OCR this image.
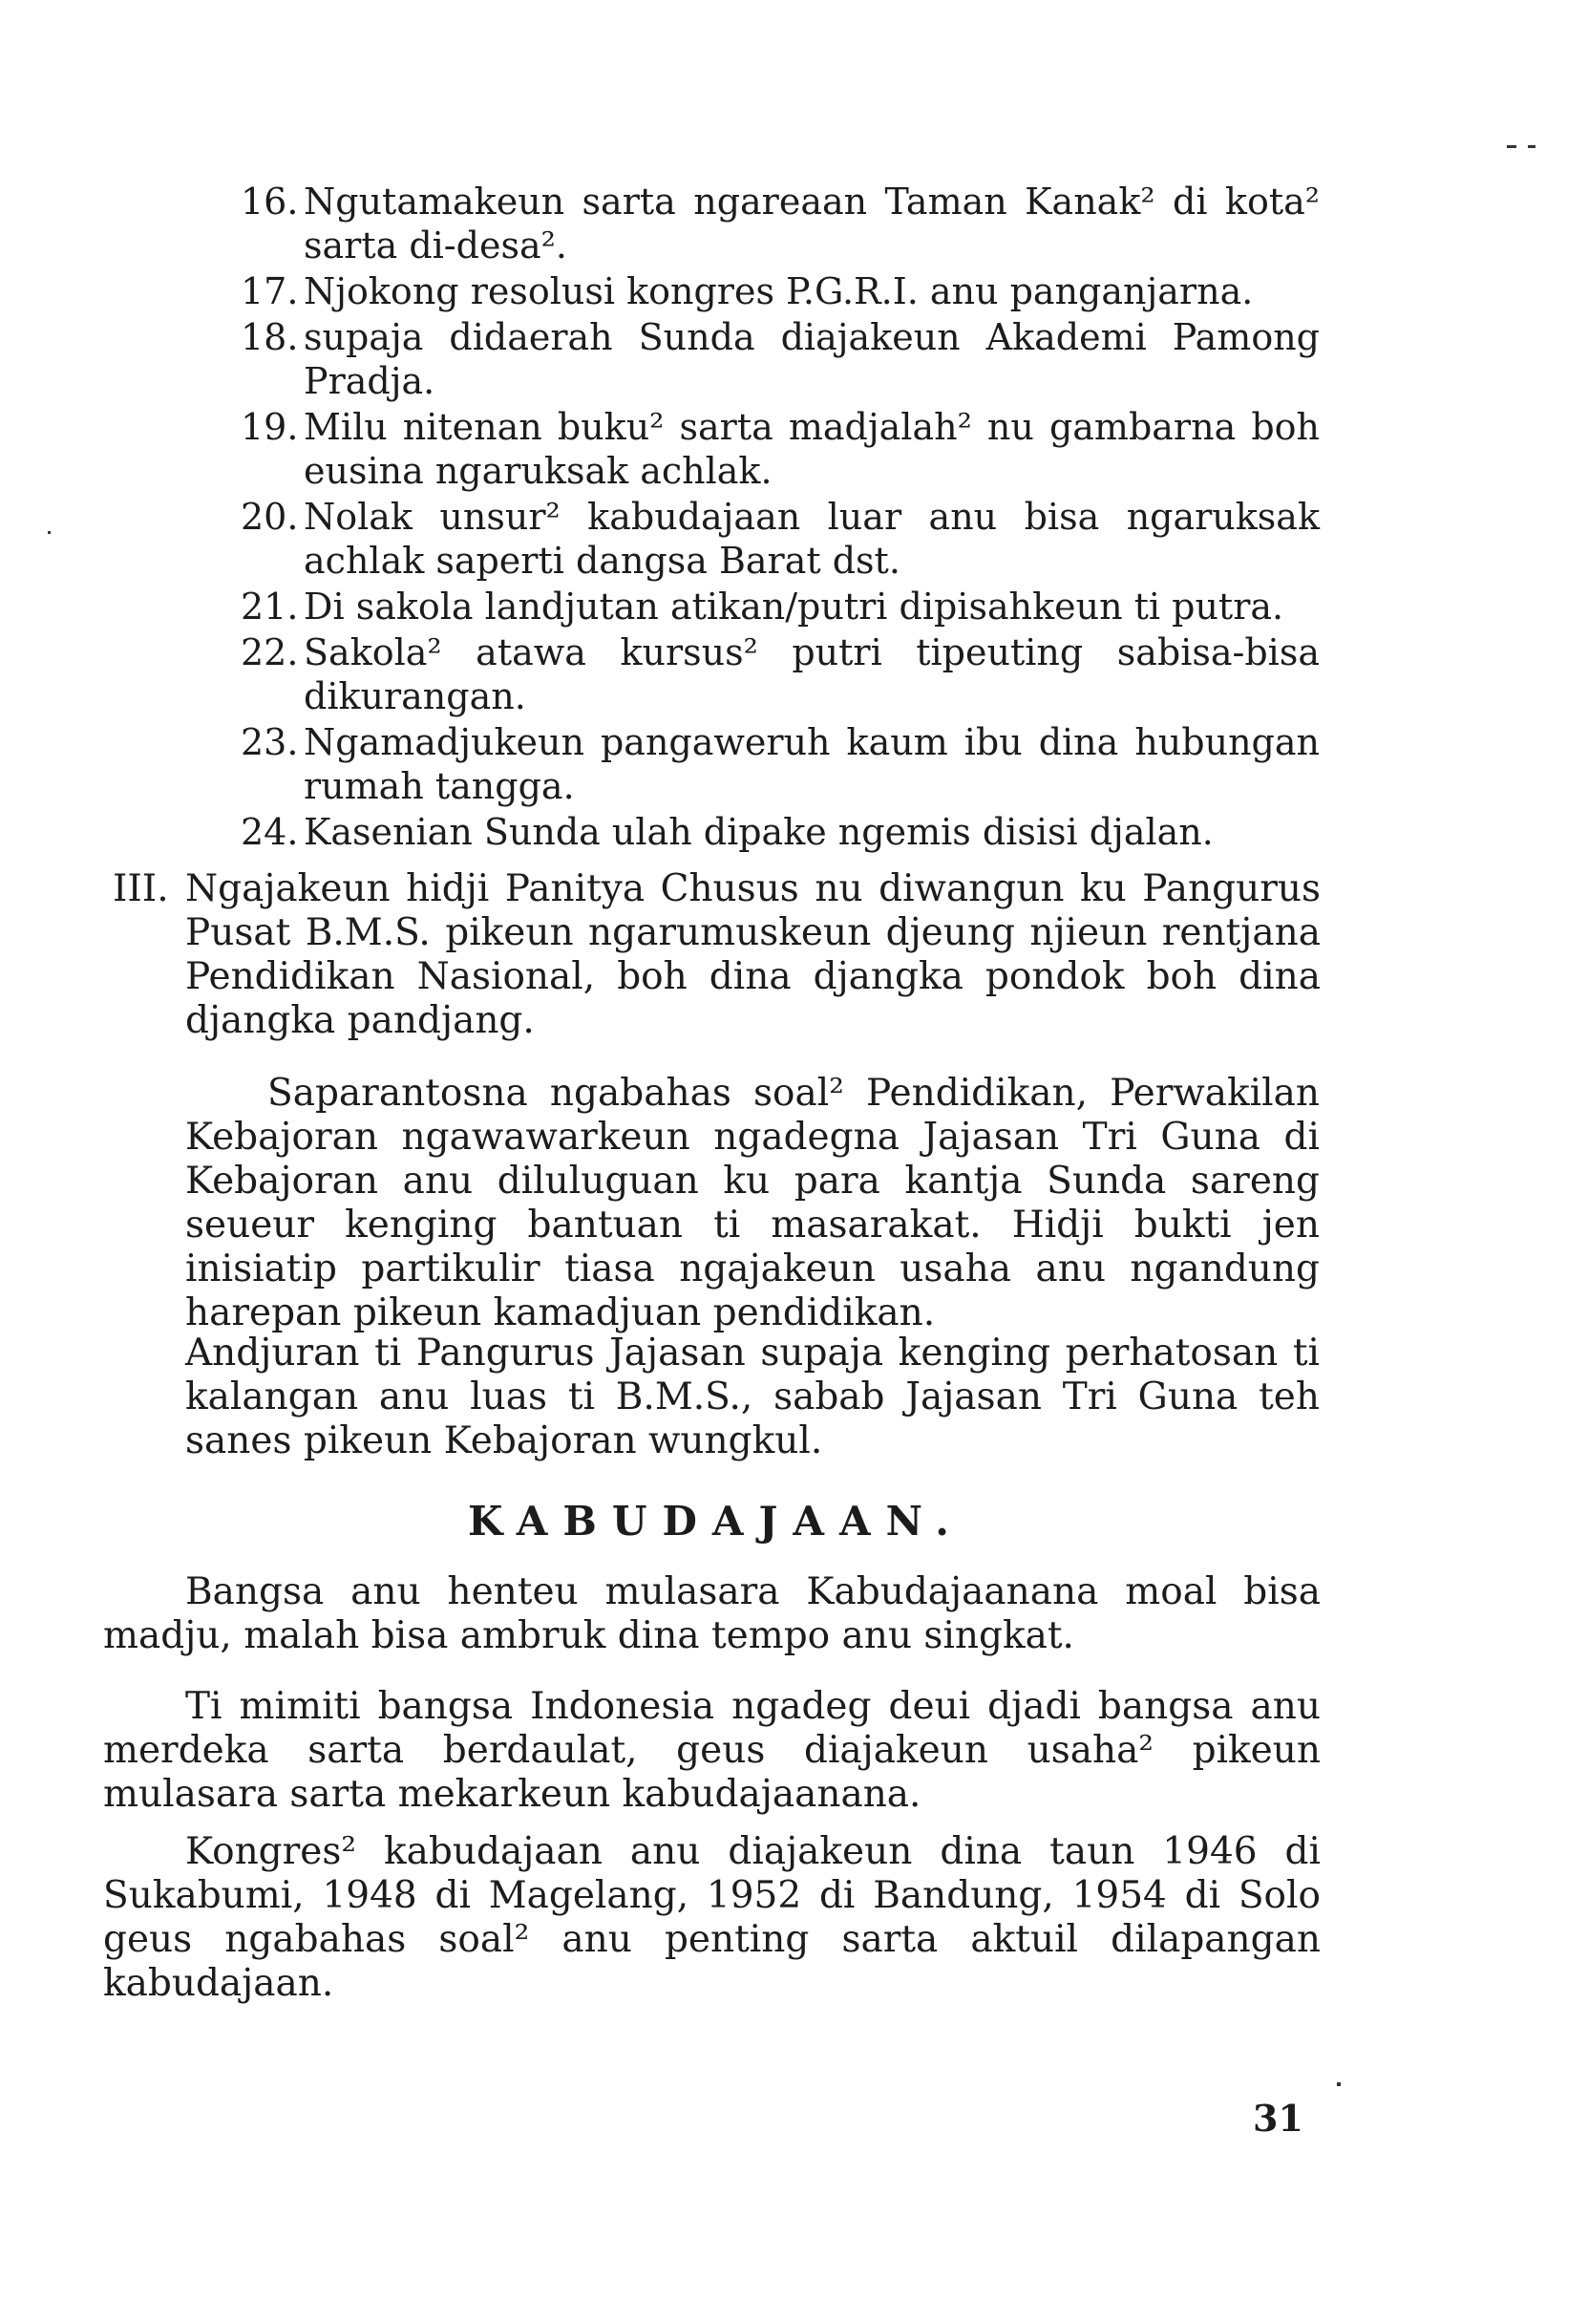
16. Ngutamakeun sarta ngareaan Taman Kanak² di kota² sarta di-desa².
17. Njokong resolusi kongres P.G.R.I. anu panganjarna.
18. supaja didaerah Sunda diajakeun Akademi Pamong Pradja.
19. Milu nitenan buku² sarta madjalah² nu gambarna boh eusina ngaruksak achlak.
20. Nolak unsur² kabudajaan luar anu bisa ngaruksak achlak saperti dangsa Barat dst.
21. Di sakola landjutan atikan/putri dipisahkeun ti putra.
22. Sakola² atawa kursus² putri tipeuting sabisa-bisa dikurangan.
23. Ngamadjukeun pangaweruh kaum ibu dina hubungan rumah tangga.
24. Kasenian Sunda ulah dipake ngemis disisi djalan.
III. Ngajakeun hidji Panitya Chusus nu diwangun ku Pangurus Pusat B.M.S. pikeun ngarumuskeun djeung njieun rentjana Pendidikan Nasional, boh dina djangka pondok boh dina djangka pandjang.

Saparantosna ngabahas soal² Pendidikan, Perwakilan Kebajoran ngawawarkeun ngadegna Jajasan Tri Guna di Kebajoran anu diluluguan ku para kantja Sunda sareng seueur kenging bantuan ti masarakat. Hidji bukti jen inisiatip partikulir tiasa ngajakeun usaha anu ngandung harepan pikeun kamadjuan pendidikan.

Andjuran ti Pangurus Jajasan supaja kenging perhatosan ti kalangan anu luas ti B.M.S., sabab Jajasan Tri Guna teh sanes pikeun Kebajoran wungkul.

KABUDAJAAN.

Bangsa anu henteu mulasara Kabudajaanana moal bisa madju, malah bisa ambruk dina tempo anu singkat.

Ti mimiti bangsa Indonesia ngadeg deui djadi bangsa anu merdeka sarta berdaulat, geus diajakeun usaha² pikeun mulasara sarta mekarkeun kabudajaanana.

Kongres² kabudajaan anu diajakeun dina taun 1946 di Sukabumi, 1948 di Magelang, 1952 di Bandung, 1954 di Solo geus ngabahas soal² anu penting sarta aktuil dilapangan kabudajaan.

31
